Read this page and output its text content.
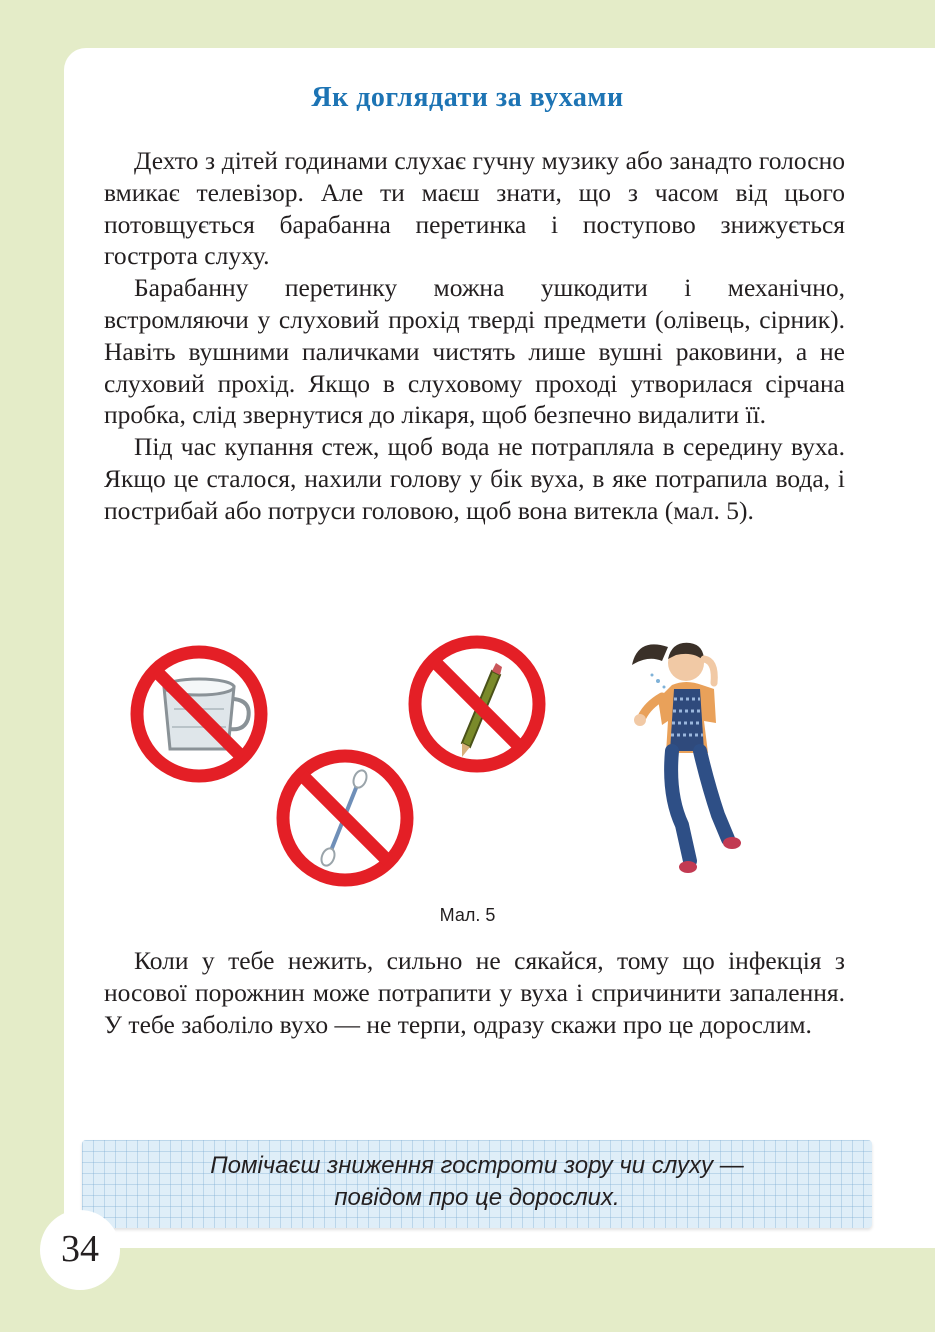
Як доглядати за вухами

Дехто з дітей годинами слухає гучну музику або занадто голосно вмикає телевізор. Але ти маєш знати, що з часом від цього потовщується барабанна перетинка і поступово знижується гострота слуху.

Барабанну перетинку можна ушкодити і механічно, встромляючи у слуховий прохід тверді предмети (олівець, сірник). Навіть вушними паличками чистять лише вушні раковини, а не слуховий прохід. Якщо в слуховому проході утворилася сірчана пробка, слід звернутися до лікаря, щоб безпечно видалити її.

Під час купання стеж, щоб вода не потрапляла в середину вуха. Якщо це сталося, нахили голову у бік вуха, в яке потрапила вода, і пострибай або потруси головою, щоб вона витекла (мал. 5).

Мал. 5

Коли у тебе нежить, сильно не сякайся, тому що інфекція з носової порожнин може потрапити у вуха і спричинити запалення. У тебе заболіло вухо — не терпи, одразу скажи про це дорослим.

Помічаєш зниження гостроти зору чи слуху —
повідом про це дорослих.
34
